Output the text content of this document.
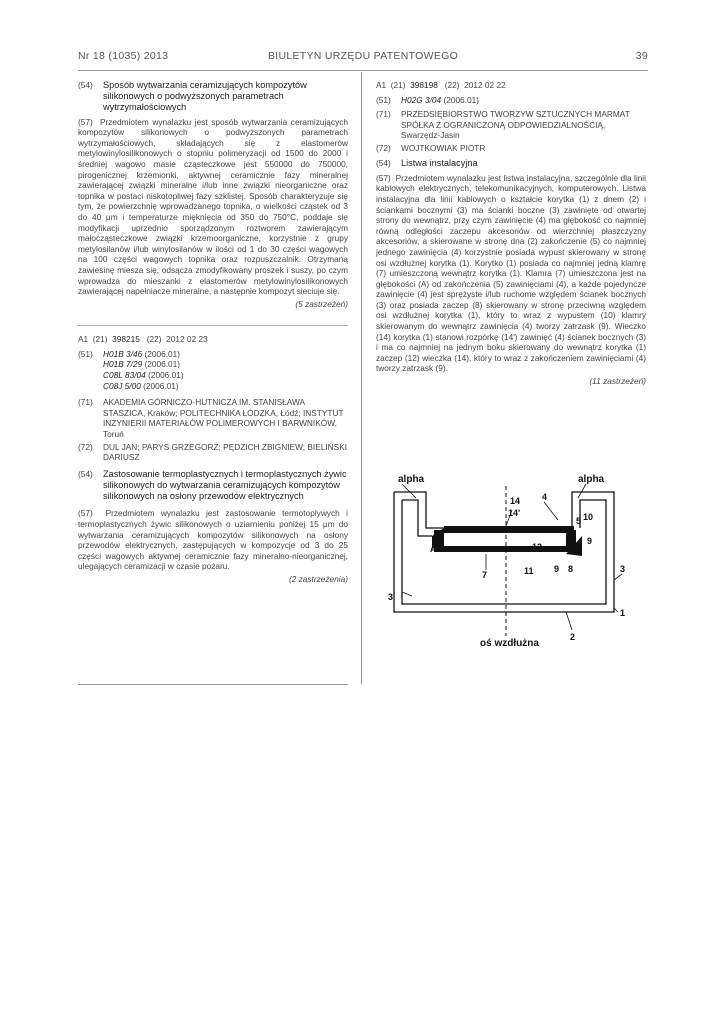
Nr 18 (1035) 2013	BIULETYN URZĘDU PATENTOWEGO	39
(54)	Sposób wytwarzania ceramizujących kompozytów silikonowych o podwyższonych parametrach wytrzymałościowych
(57) Przedmiotem wynalazku jest sposób wytwarzania ceramizujących kompozytów silikonowych o podwyższonych parametrach wytrzymałościowych, składających się z elastomerów metylowinylosilikonowych o stopniu polimeryzacji od 1500 do 2000 i średniej wagowo masie cząsteczkowe jest 550000 do 750000, pirogenicznej krzemionki, aktywnej ceramicznie fazy mineralnej zawierającej związki mineralne i/lub inne związki nieorganiczne oraz topnika w postaci niskotopliwej fazy szklistej. Sposób charakteryzuje się tym, że powierzchnię wprowadzanego topnika, o wielkości cząstek od 3 do 40 μm i temperaturze mięknięcia od 350 do 750°C, poddaje się modyfikacji uprzednio sporządzonym roztworem zawierającym małocząsteczkowe związki krzemoorganiczne, korzystnie z grupy metylosilanów i/lub winylosilanów w ilości od 1 do 30 części wagowych na 100 części wagowych topnika oraz rozpuszczalnik. Otrzymaną zawiesinę miesza się, odsącza zmodyfikowany proszek i suszy, po czym wprowadza do mieszanki z elastomerów metylowinylosilikonowych zawierającej napełniacze mineralne, a następnie kompozyt sieciuje się.
(5 zastrzeżeń)
A1
(21)
398215
(22)
2012 02 23
(51)	H01B 3/46 (2006.01)
H01B 7/29 (2006.01)
C08L 83/04 (2006.01)
C08J 5/00 (2006.01)
(71)	AKADEMIA GÓRNICZO-HUTNICZA IM. STANISŁAWA STASZICA, Kraków; POLITECHNIKA ŁÓDZKA, Łódź; INSTYTUT INŻYNIERII MATERIAŁÓW POLIMEROWYCH I BARWNIKÓW, Toruń
(72)	DUL JAN; PARYS GRZEGORZ; PĘDZICH ZBIGNIEW; BIELIŃSKI DARIUSZ
(54)	Zastosowanie termoplastycznych i termoplastycznych żywic silikonowych do wytwarzania ceramizujących kompozytów silikonowych na osłony przewodów elektrycznych
(57) Przedmiotem wynalazku jest zastosowanie termotoplywych i termoplastycznych żywic silikonowych o uziarnieniu poniżej 15 μm do wytwarzania ceramizujących kompozytów silikonowych na osłony przewodów elektrycznych, zastępujących w kompozycje od 3 do 25 części wagowych aktywnej ceramicznie fazy mineralno-nieorganicznej, ulegających ceramizacji w czasie pożaru.
(2 zastrzeżenia)
A1
(21)
398198
(22)
2012 02 22
(51)	H02G 3/04 (2006.01)
(71)	PRZEDSIĘBIORSTWO TWORZYW SZTUCZNYCH MARMAT SPÓŁKA Z OGRANICZONĄ ODPOWIEDZIALNOŚCIĄ, Swarzędz-Jasin
(72)	WOJTKOWIAK PIOTR
(54)	Listwa instalacyjna
(57) Przedmiotem wynalazku jest listwa instalacyjna, szczególnie dla linii kablowych elektrycznych, telekomunikacyjnych, komputerowych. Listwa instalacyjna dla linii kablowych o kształcie korytka (1) z dnem (2) i ściankami bocznymi (3) ma ścianki boczne (3) zawinięte od otwartej strony do wewnątrz, przy czym zawinięcie (4) ma głębokość co najmniej równą odległości zaczepu akcesoriów od wierzchniej płaszczyzny akcesoriów, a skierowane w stronę dna (2) zakończenie (5) co najmniej jednego zawinięcia (4) korzystnie posiada wypust skierowany w stronę osi wzdłużnej korytka (1). Korytko (1) posiada co najmniej jedną klamrę (7) umieszczoną wewnątrz korytka (1). Klamra (7) umieszczona jest na głębokości (A) od zakończenia (5) zawinięciami (4), a każde pojedyncze zawinięcie (4) jest sprężyste i/lub ruchome względem ścianek bocznych (3) oraz posiada zaczep (8) skierowany w stronę przeciwną względem osi wzdłużnej korytka (1), który to wraz z wypustem (10) klamry skierowanym do wewnątrz zawinięcia (4) tworzy zatrzask (9). Wieczko (14) korytka (1) stanowi rozpórkę (14') zawinięć (4) ścianek bocznych (3) i ma co najmniej na jednym boku skierowany do wewnątrz korytka (1) zaczep (12) wieczka (14), który to wraz z zakończeniem zawinięciami (4) tworzy zatrzask (9).
(11 zastrzeżeń)
alpha	alpha
14
14'
4
5 10
9
12
A
7	11 9 8	3
3
1
2
oś wzdłużna
